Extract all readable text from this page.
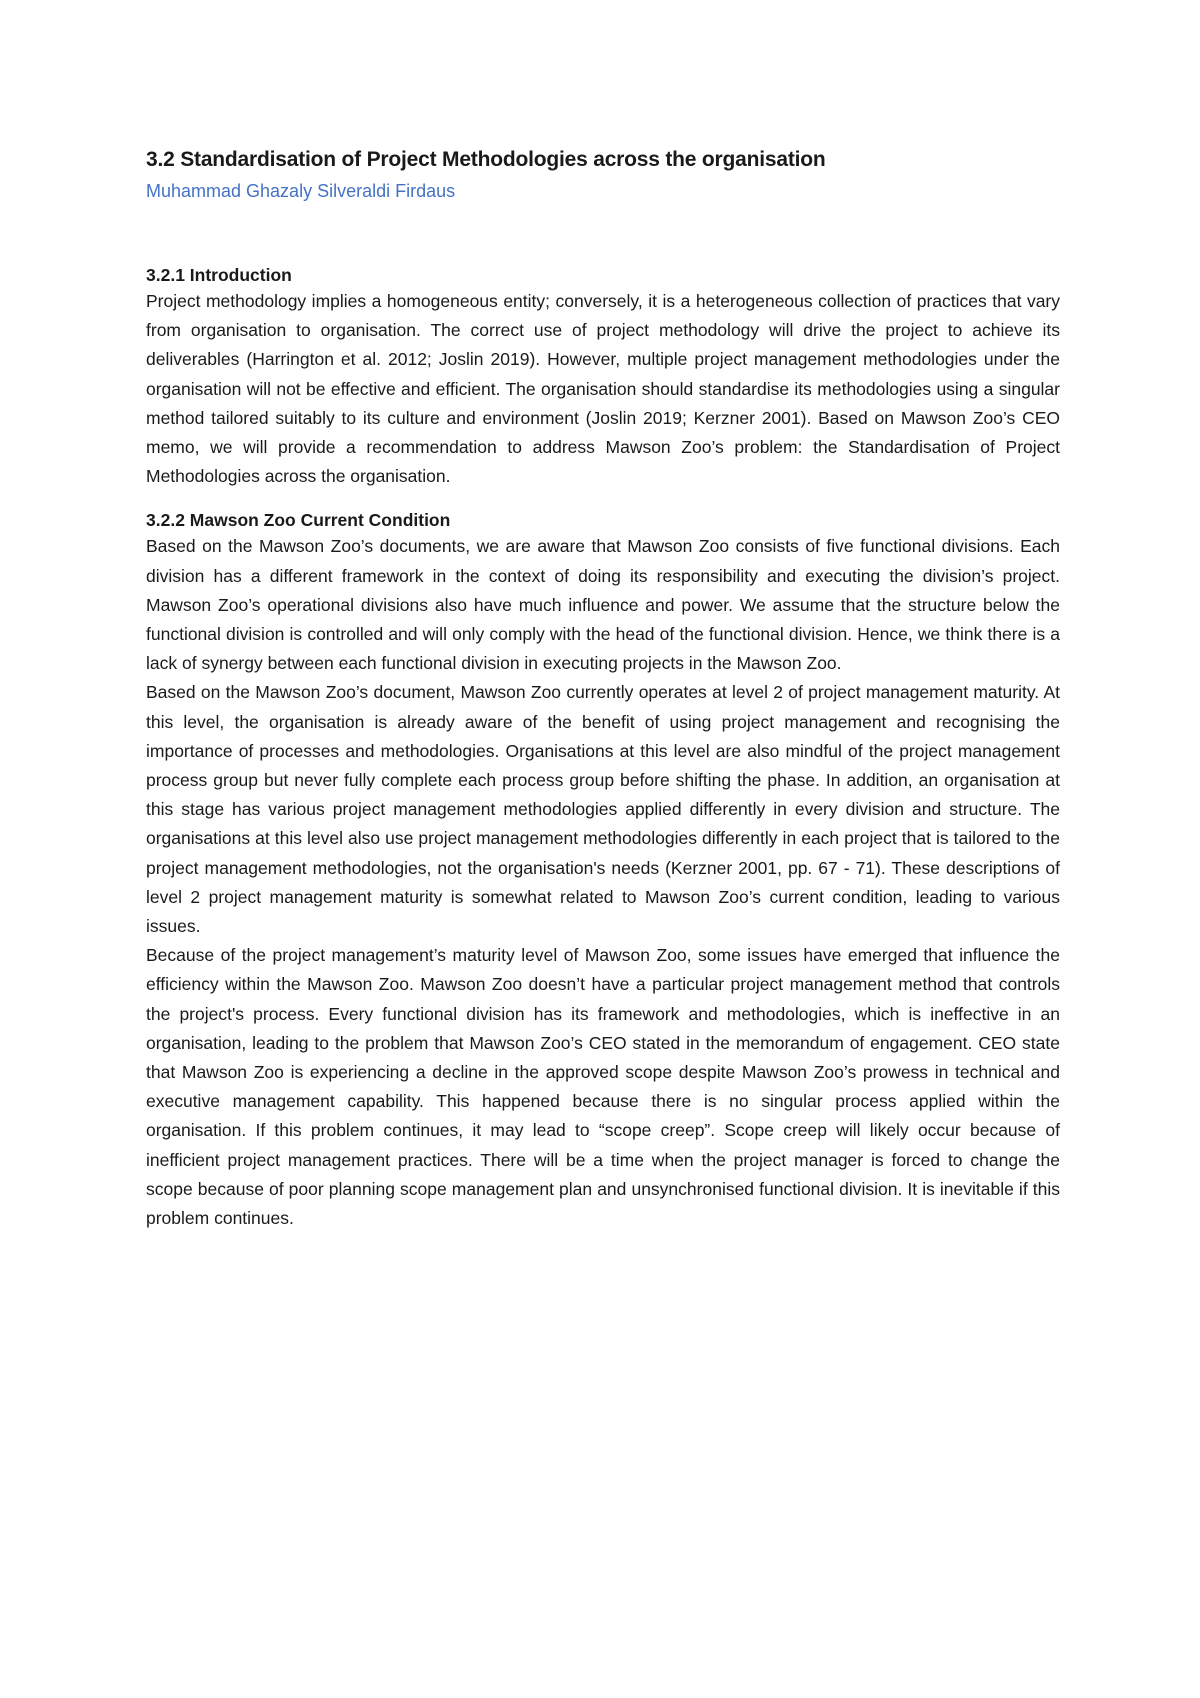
3.2 Standardisation of Project Methodologies across the organisation
Muhammad Ghazaly Silveraldi Firdaus
3.2.1 Introduction

Project methodology implies a homogeneous entity; conversely, it is a heterogeneous collection of practices that vary from organisation to organisation. The correct use of project methodology will drive the project to achieve its deliverables (Harrington et al. 2012; Joslin 2019). However, multiple project management methodologies under the organisation will not be effective and efficient. The organisation should standardise its methodologies using a singular method tailored suitably to its culture and environment (Joslin 2019; Kerzner 2001). Based on Mawson Zoo’s CEO memo, we will provide a recommendation to address Mawson Zoo’s problem: the Standardisation of Project Methodologies across the organisation.

3.2.2 Mawson Zoo Current Condition

Based on the Mawson Zoo’s documents, we are aware that Mawson Zoo consists of five functional divisions. Each division has a different framework in the context of doing its responsibility and executing the division’s project. Mawson Zoo’s operational divisions also have much influence and power. We assume that the structure below the functional division is controlled and will only comply with the head of the functional division. Hence, we think there is a lack of synergy between each functional division in executing projects in the Mawson Zoo.

Based on the Mawson Zoo’s document, Mawson Zoo currently operates at level 2 of project management maturity. At this level, the organisation is already aware of the benefit of using project management and recognising the importance of processes and methodologies. Organisations at this level are also mindful of the project management process group but never fully complete each process group before shifting the phase. In addition, an organisation at this stage has various project management methodologies applied differently in every division and structure. The organisations at this level also use project management methodologies differently in each project that is tailored to the project management methodologies, not the organisation's needs (Kerzner 2001, pp. 67 - 71). These descriptions of level 2 project management maturity is somewhat related to Mawson Zoo’s current condition, leading to various issues.

Because of the project management’s maturity level of Mawson Zoo, some issues have emerged that influence the efficiency within the Mawson Zoo. Mawson Zoo doesn’t have a particular project management method that controls the project's process. Every functional division has its framework and methodologies, which is ineffective in an organisation, leading to the problem that Mawson Zoo’s CEO stated in the memorandum of engagement. CEO state that Mawson Zoo is experiencing a decline in the approved scope despite Mawson Zoo’s prowess in technical and executive management capability. This happened because there is no singular process applied within the organisation. If this problem continues, it may lead to “scope creep”. Scope creep will likely occur because of inefficient project management practices. There will be a time when the project manager is forced to change the scope because of poor planning scope management plan and unsynchronised functional division. It is inevitable if this problem continues.
